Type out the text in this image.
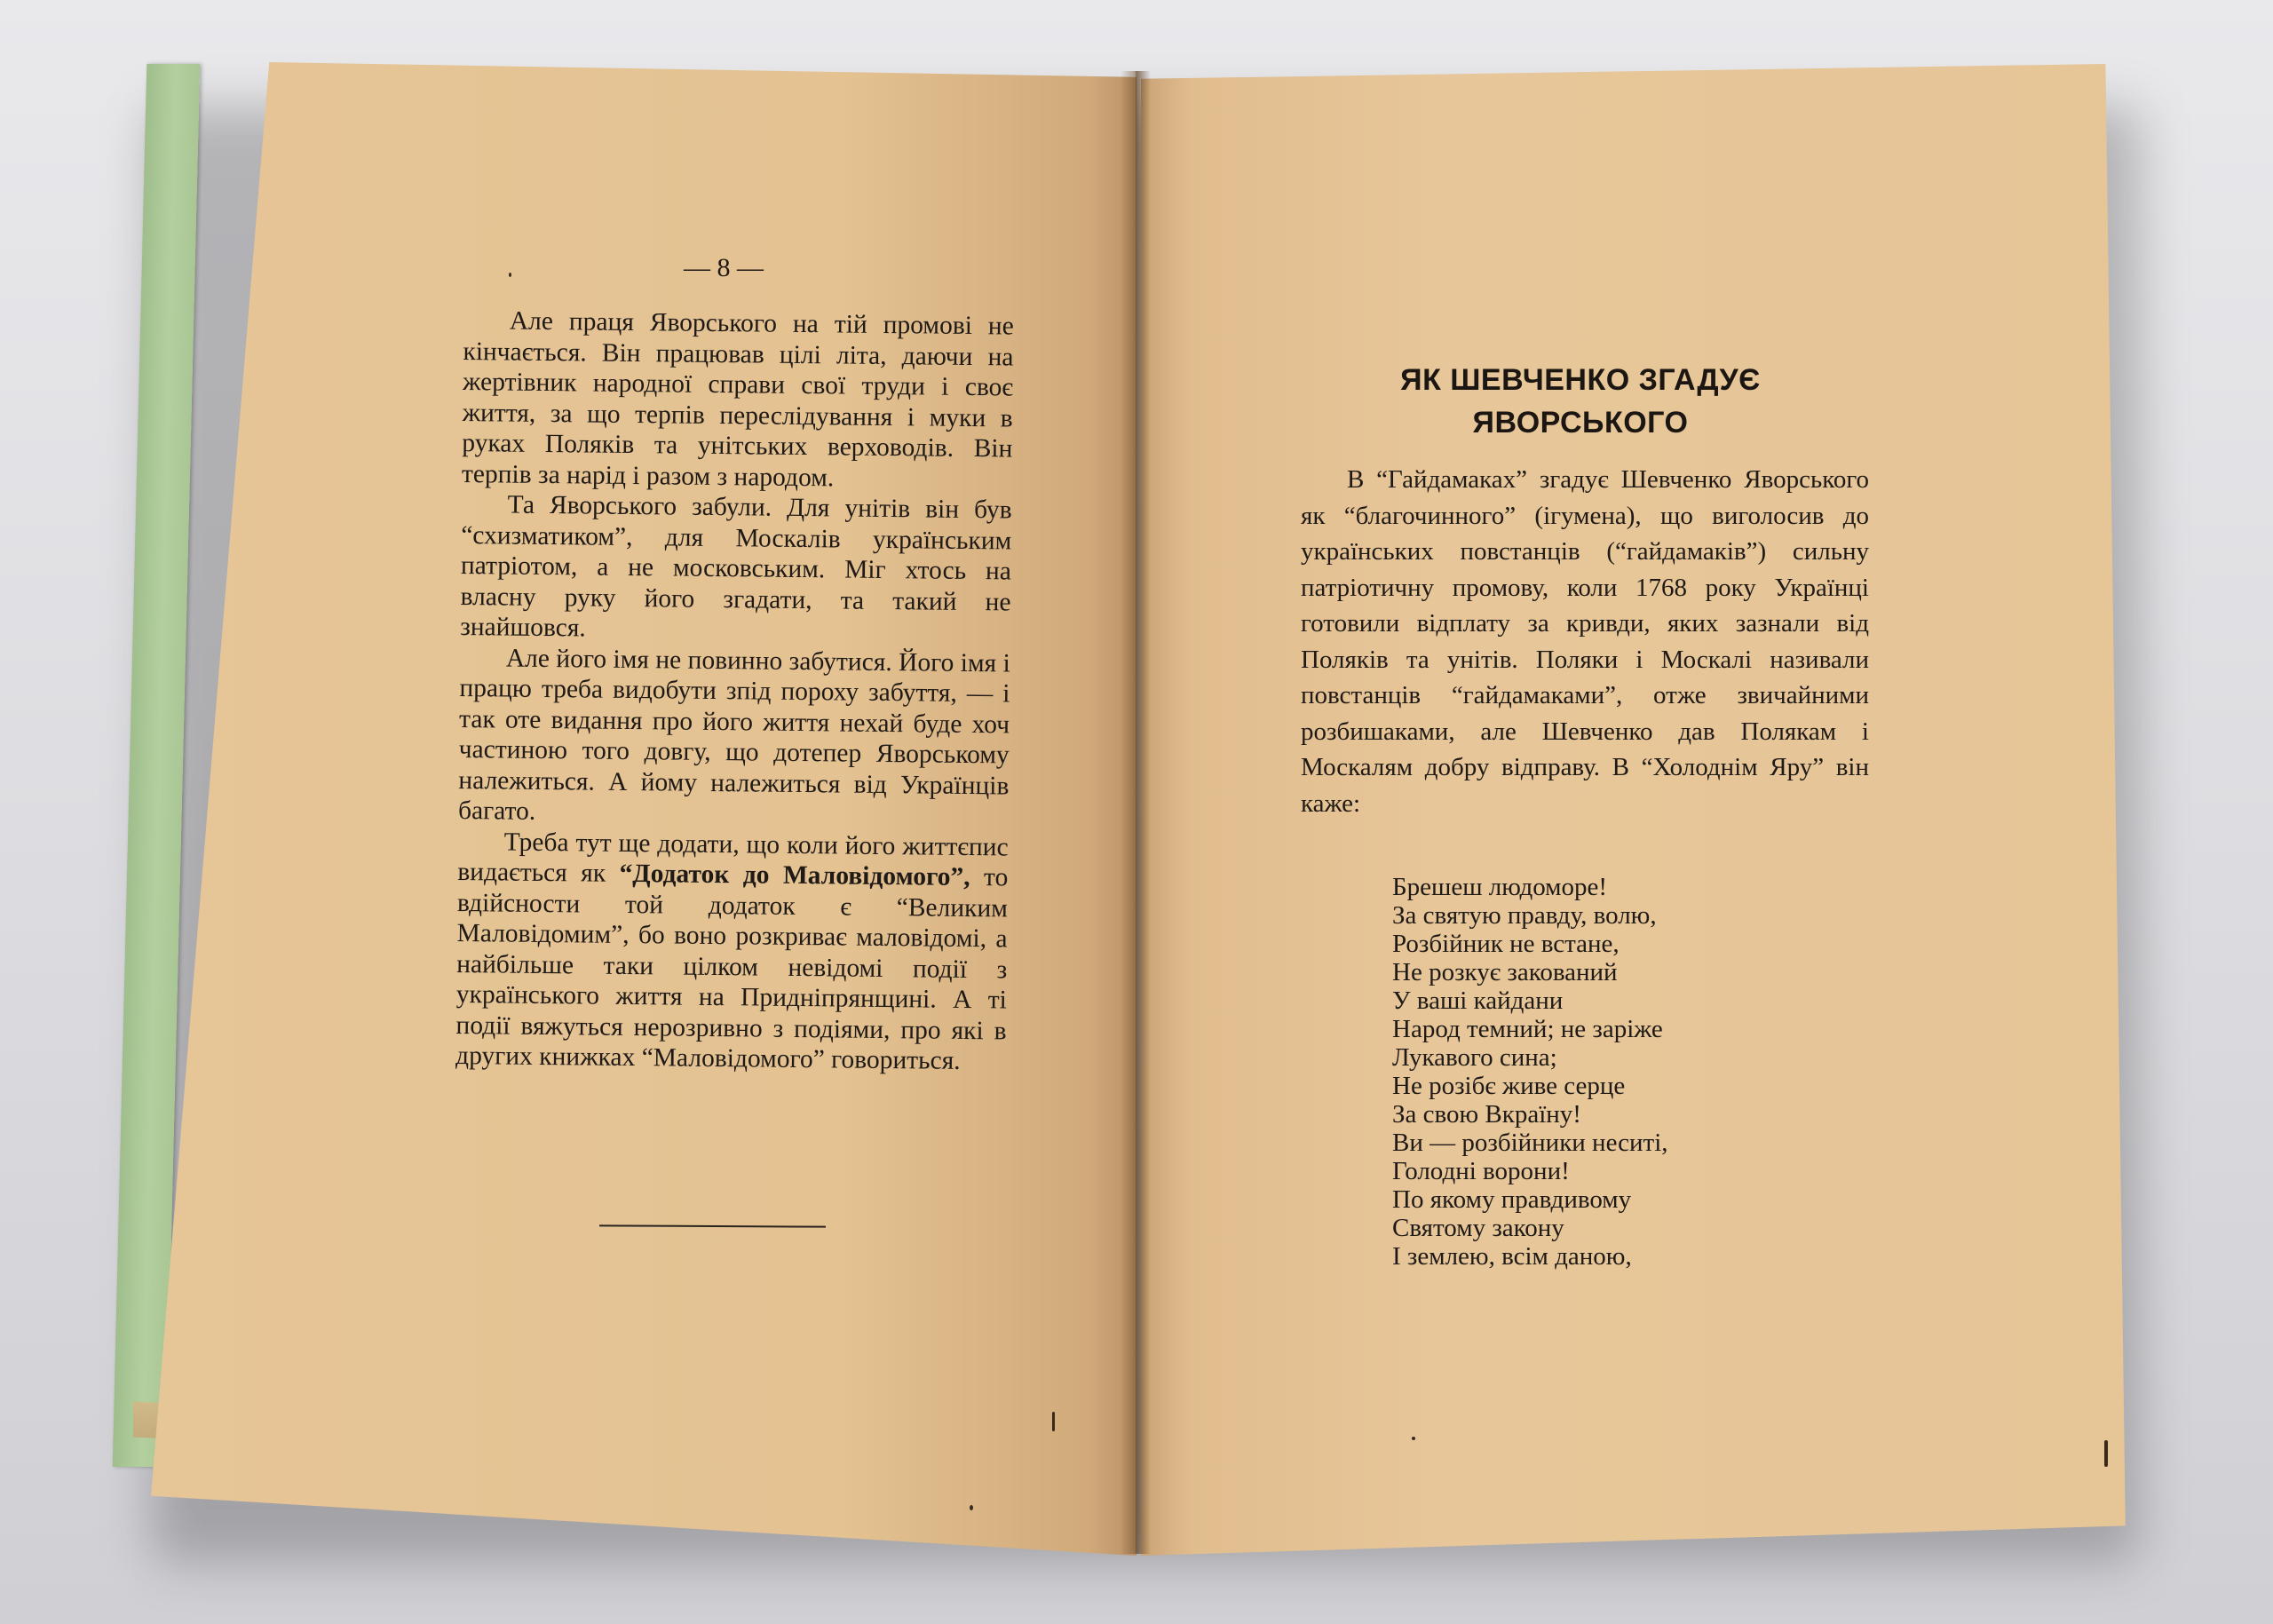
— 8 —

Але праця Яворського на тій промові не кінчається. Він працював цілі літа, даючи на жертівник народної справи свої труди і своє життя, за що терпів переслідування і муки в руках Поляків та унітських верховодів. Він терпів за нарід і разом з народом.

Та Яворського забули. Для унітів він був “схизматиком”, для Москалів українським патріотом, а не московським. Міг хтось на власну руку його згадати, та такий не знайшовся.

Але його імя не повинно забутися. Його імя і працю треба видобути зпід пороху забуття, — і так оте видання про його життя нехай буде хоч частиною того довгу, що дотепер Яворському належиться. А йому належиться від Українців багато.

Треба тут ще додати, що коли його життєпис видається як “Додаток до Маловідомого”, то вдійсности той додаток є “Великим Маловідомим”, бо воно розкриває маловідомі, а найбільше таки цілком невідомі події з українського життя на Придніпрянщині. А ті події вяжуться нерозривно з подіями, про які в других книжках “Маловідомого” говориться.

ЯК ШЕВЧЕНКО ЗГАДУЄ
ЯВОРСЬКОГО

В “Гайдамаках” згадує Шевченко Яворського як “благочинного” (ігумена), що виголосив до українських повстанців (“гайдамаків”) сильну патріотичну промову, коли 1768 року Українці готовили відплату за кривди, яких зазнали від Поляків та унітів. Поляки і Москалі називали повстанців “гайдамаками”, отже звичайними розбишаками, але Шевченко дав Полякам і Москалям добру відправу. В “Холоднім Яру” він каже:

Брешеш людоморе!
За святую правду, волю,
Розбійник не встане,
Не розкує закований
У ваші кайдани
Народ темний; не заріже
Лукавого сина;
Не розібє живе серце
За свою Вкраїну!
Ви — розбійники неситі,
Голодні ворони!
По якому правдивому
Святому закону
І землею, всім даною,
